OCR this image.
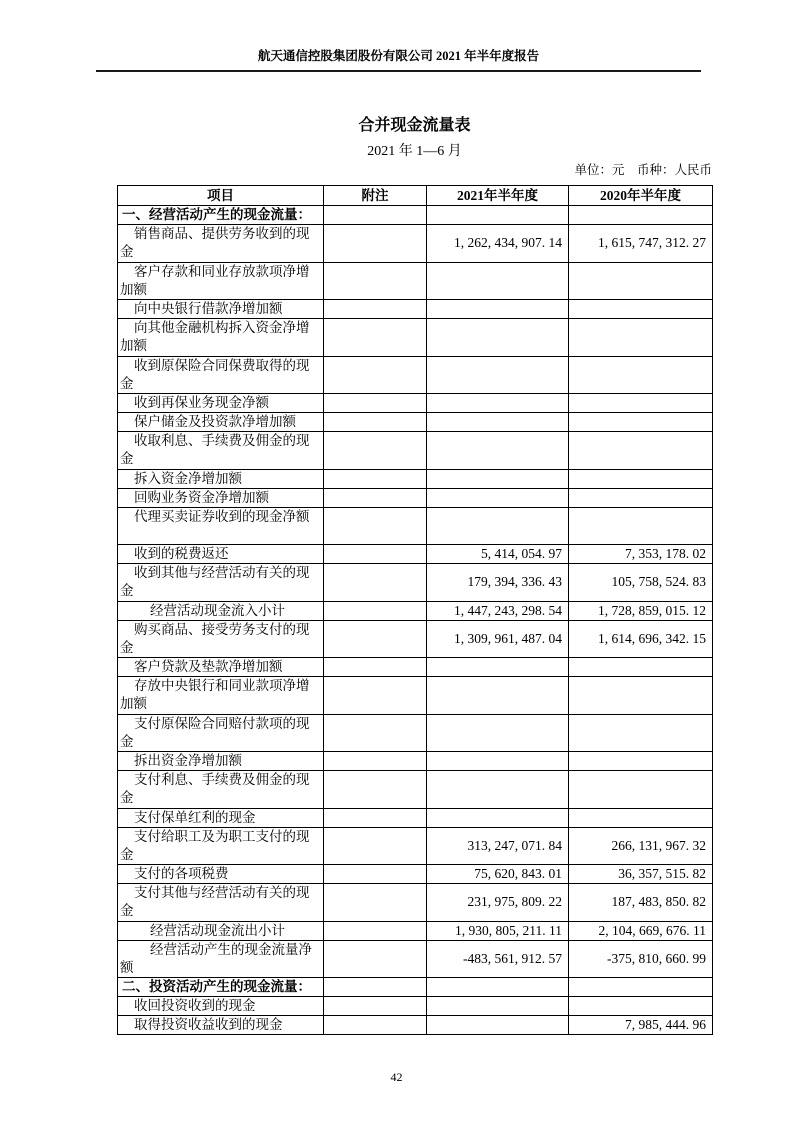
航天通信控股集团股份有限公司 2021 年半年度报告
合并现金流量表
2021 年 1—6 月
单位：元　币种：人民币
项目	附注	2021年半年度	2020年半年度
一、经营活动产生的现金流量：			
销售商品、提供劳务收到的现金		1, 262, 434, 907. 14	1, 615, 747, 312. 27
客户存款和同业存放款项净增加额			
向中央银行借款净增加额			
向其他金融机构拆入资金净增加额			
收到原保险合同保费取得的现金			
收到再保业务现金净额			
保户储金及投资款净增加额			
收取利息、手续费及佣金的现金			
拆入资金净增加额			
回购业务资金净增加额			
代理买卖证券收到的现金净额			
收到的税费返还		5, 414, 054. 97	7, 353, 178. 02
收到其他与经营活动有关的现金		179, 394, 336. 43	105, 758, 524. 83
经营活动现金流入小计		1, 447, 243, 298. 54	1, 728, 859, 015. 12
购买商品、接受劳务支付的现金		1, 309, 961, 487. 04	1, 614, 696, 342. 15
客户贷款及垫款净增加额			
存放中央银行和同业款项净增加额			
支付原保险合同赔付款项的现金			
拆出资金净增加额			
支付利息、手续费及佣金的现金			
支付保单红利的现金			
支付给职工及为职工支付的现金		313, 247, 071. 84	266, 131, 967. 32
支付的各项税费		75, 620, 843. 01	36, 357, 515. 82
支付其他与经营活动有关的现金		231, 975, 809. 22	187, 483, 850. 82
经营活动现金流出小计		1, 930, 805, 211. 11	2, 104, 669, 676. 11
经营活动产生的现金流量净额		-483, 561, 912. 57	-375, 810, 660. 99
二、投资活动产生的现金流量：			
收回投资收到的现金			
取得投资收益收到的现金			7, 985, 444. 96
42
